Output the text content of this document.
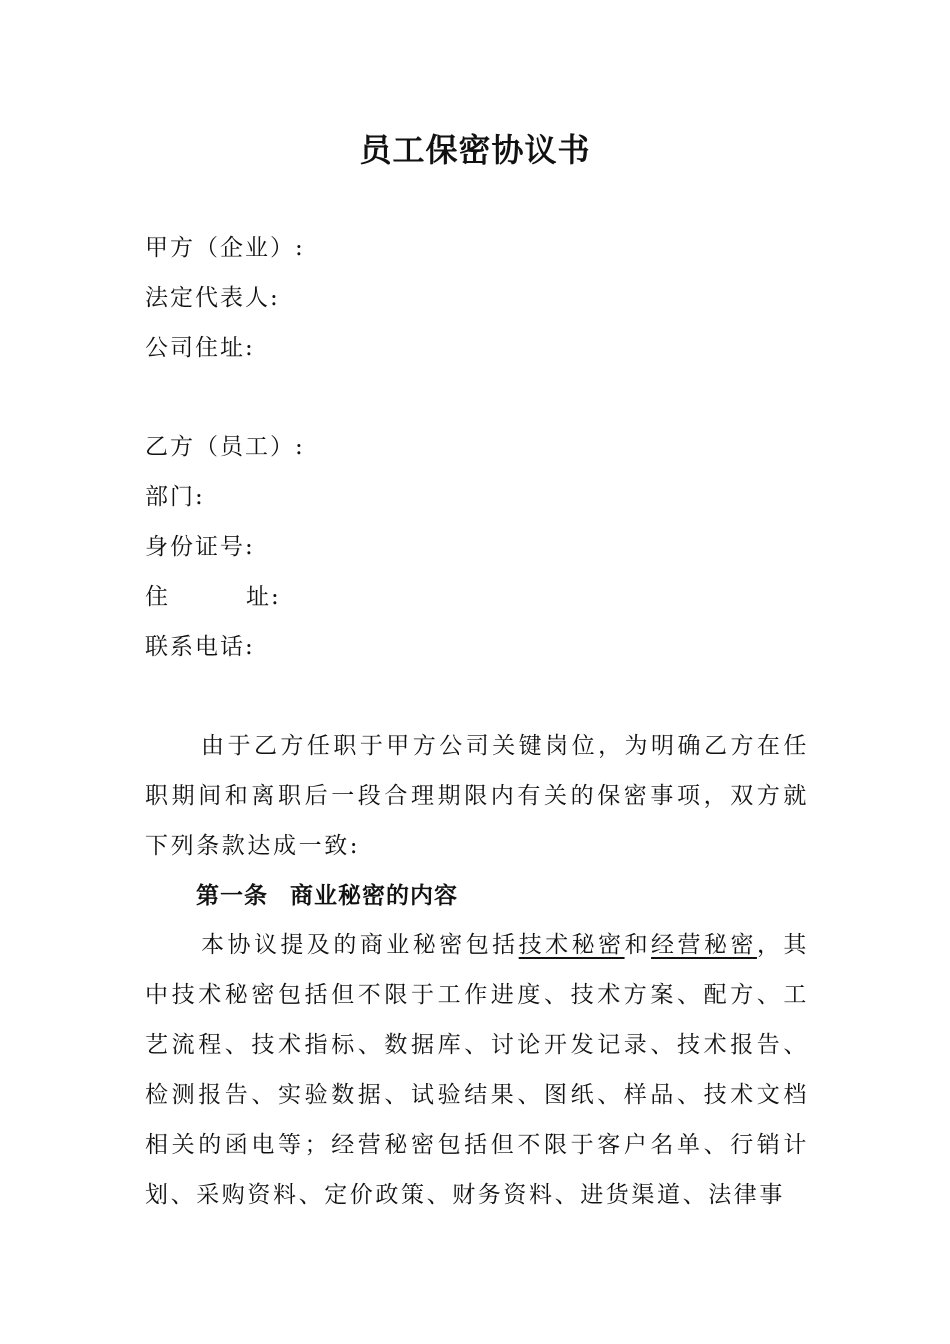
员工保密协议书
甲方（企业）:
法定代表人:
公司住址:
乙方（员工）:
部门:
身份证号:
住	址:
联系电话:
由于乙方任职于甲方公司关键岗位，为明确乙方在任职期间和离职后一段合理期限内有关的保密事项，双方就下列条款达成一致:
第一条 商业秘密的内容
本协议提及的商业秘密包括技术秘密和经营秘密，其中技术秘密包括但不限于工作进度、技术方案、配方、工艺流程、技术指标、数据库、讨论开发记录、技术报告、检测报告、实验数据、试验结果、图纸、样品、技术文档相关的函电等；经营秘密包括但不限于客户名单、行销计划、采购资料、定价政策、财务资料、进货渠道、法律事
